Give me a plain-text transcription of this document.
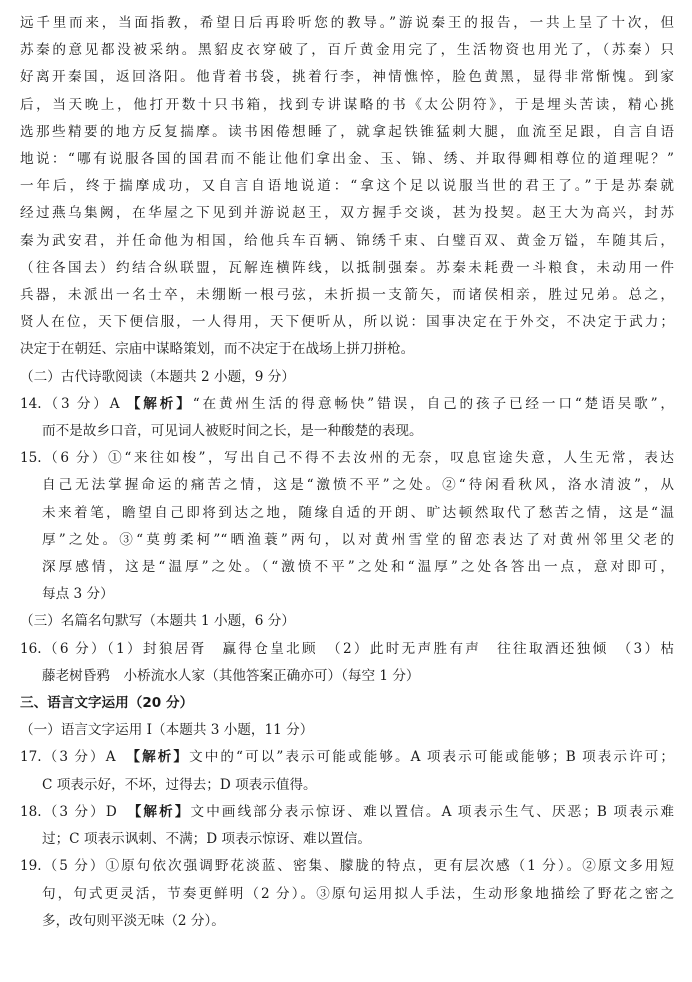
远千里而来，当面指教，希望日后再聆听您的教导。”游说秦王的报告，一共上呈了十次，但

苏秦的意见都没被采纳。黑貂皮衣穿破了，百斤黄金用完了，生活物资也用光了，（苏秦）只

好离开秦国，返回洛阳。他背着书袋，挑着行李，神情憔悴，脸色黄黑，显得非常惭愧。到家

后，当天晚上，他打开数十只书箱，找到专讲谋略的书《太公阴符》，于是埋头苦读，精心挑

选那些精要的地方反复揣摩。读书困倦想睡了，就拿起铁锥猛刺大腿，血流至足跟，自言自语

地说：“哪有说服各国的国君而不能让他们拿出金、玉、锦、绣、并取得卿相尊位的道理呢？”

一年后，终于揣摩成功，又自言自语地说道：“拿这个足以说服当世的君王了。”于是苏秦就

经过燕乌集阙，在华屋之下见到并游说赵王，双方握手交谈，甚为投契。赵王大为高兴，封苏

秦为武安君，并任命他为相国，给他兵车百辆、锦绣千束、白璧百双、黄金万镒，车随其后，

（往各国去）约结合纵联盟，瓦解连横阵线，以抵制强秦。苏秦未耗费一斗粮食，未动用一件

兵器，未派出一名士卒，未绷断一根弓弦，未折损一支箭矢，而诸侯相亲，胜过兄弟。总之，

贤人在位，天下便信服，一人得用，天下便听从，所以说：国事决定在于外交，不决定于武力；

决定于在朝廷、宗庙中谋略策划，而不决定于在战场上拼刀拼枪。

（二）古代诗歌阅读（本题共 2 小题，9 分）

14.（3 分）A 【解析】“在黄州生活的得意畅快”错误，自己的孩子已经一口“楚语吴歌”，

而不是故乡口音，可见词人被贬时间之长，是一种酸楚的表现。

15.（6 分）①“来往如梭”，写出自己不得不去汝州的无奈，叹息宦途失意，人生无常，表达

自己无法掌握命运的痛苦之情，这是“激愤不平”之处。②“待闲看秋风，洛水清波”，从

未来着笔，瞻望自己即将到达之地，随缘自适的开朗、旷达顿然取代了愁苦之情，这是“温

厚”之处。③“莫剪柔柯”“晒渔蓑”两句，以对黄州雪堂的留恋表达了对黄州邻里父老的

深厚感情，这是“温厚”之处。（“激愤不平”之处和“温厚”之处各答出一点，意对即可，

每点 3 分）

（三）名篇名句默写（本题共 1 小题，6 分）

16.（6 分）（1）封狼居胥　赢得仓皇北顾　（2）此时无声胜有声　往往取酒还独倾　（3）枯

藤老树昏鸦　小桥流水人家（其他答案正确亦可）（每空 1 分）

三、语言文字运用（20 分）

（一）语言文字运用 I（本题共 3 小题，11 分）

17.（3 分）A　【解析】文中的“可以”表示可能或能够。A 项表示可能或能够；B 项表示许可；

C 项表示好，不坏，过得去；D 项表示值得。

18.（3 分）D　【解析】文中画线部分表示惊讶、难以置信。A 项表示生气、厌恶；B 项表示难

过；C 项表示讽刺、不满；D 项表示惊讶、难以置信。

19.（5 分）①原句依次强调野花淡蓝、密集、朦胧的特点，更有层次感（1 分）。②原文多用短

句，句式更灵活，节奏更鲜明（2 分）。③原句运用拟人手法，生动形象地描绘了野花之密之

多，改句则平淡无味（2 分）。
